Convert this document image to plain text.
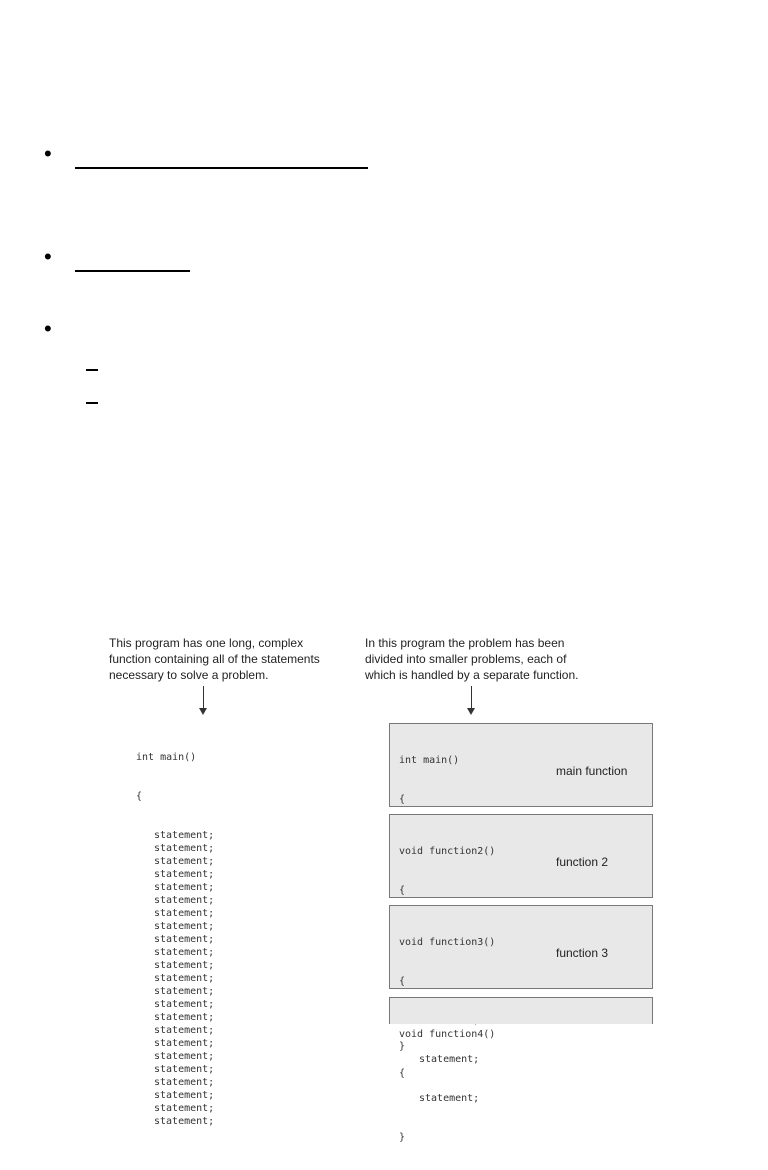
•
•
•
This program has one long, complex
function containing all of the statements
necessary to solve a problem.
In this program the problem has been
divided into smaller problems, each of
which is handled by a separate function.

int main()

{

statement;
statement;
statement;
statement;
statement;
statement;
statement;
statement;
statement;
statement;
statement;
statement;
statement;
statement;
statement;
statement;
statement;
statement;
statement;
statement;
statement;
statement;
statement;

int main()

{

main function

void function2()

{

}

function 2

void function3()

{

statement;

statement;

}

function 3

void function4()

{
